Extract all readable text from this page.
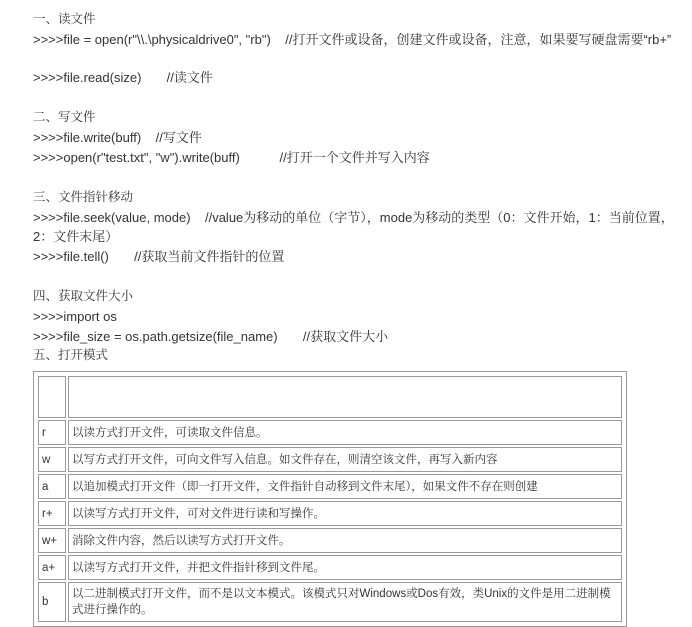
一、读文件
>>>>file = open(r"\\.\physicaldrive0", "rb")    //打开文件或设备，创建文件或设备，注意，如果要写硬盘需要“rb+”
>>>>file.read(size)       //读文件
二、写文件
>>>>file.write(buff)    //写文件
>>>>open(r"test.txt", "w").write(buff)           //打开一个文件并写入内容
三、文件指针移动
>>>>file.seek(value, mode)    //value为移动的单位（字节），mode为移动的类型（0：文件开始，1：当前位置，2：文件末尾）
>>>>file.tell()       //获取当前文件指针的位置
四、获取文件大小
>>>>import os
>>>>file_size = os.path.getsize(file_name)       //获取文件大小
五、打开模式

r	以读方式打开文件，可读取文件信息。
w	以写方式打开文件，可向文件写入信息。如文件存在，则清空该文件，再写入新内容
a	以追加模式打开文件（即一打开文件，文件指针自动移到文件末尾），如果文件不存在则创建
r+	以读写方式打开文件，可对文件进行读和写操作。
w+	消除文件内容，然后以读写方式打开文件。
a+	以读写方式打开文件，并把文件指针移到文件尾。
b	以二进制模式打开文件，而不是以文本模式。该模式只对Windows或Dos有效，类Unix的文件是用二进制模式进行操作的。
